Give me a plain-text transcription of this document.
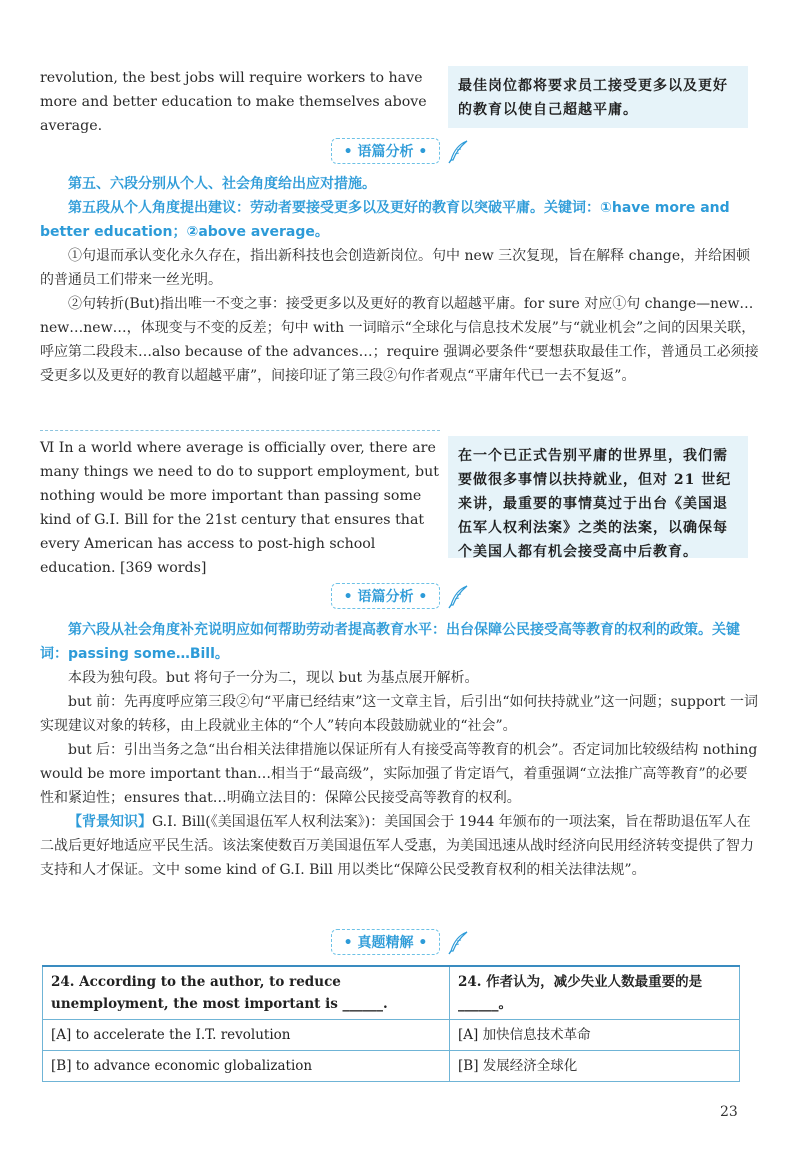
revolution, the best jobs will require workers to have more and better education to make themselves above average.
最佳岗位都将要求员工接受更多以及更好的教育以使自己超越平庸。
• 语篇分析 •

第五、六段分别从个人、社会角度给出应对措施。

第五段从个人角度提出建议：劳动者要接受更多以及更好的教育以突破平庸。关键词：①have more and better education；②above average。

①句退而承认变化永久存在，指出新科技也会创造新岗位。句中 new 三次复现，旨在解释 change，并给困顿的普通员工们带来一丝光明。

②句转折(But)指出唯一不变之事：接受更多以及更好的教育以超越平庸。for sure 对应①句 change—new…new…new…，体现变与不变的反差；句中 with 一词暗示“全球化与信息技术发展”与“就业机会”之间的因果关联，呼应第二段段末…also because of the advances…；require 强调必要条件“要想获取最佳工作，普通员工必须接受更多以及更好的教育以超越平庸”，间接印证了第三段②句作者观点“平庸年代已一去不复返”。

Ⅵ In a world where average is officially over, there are many things we need to do to support employment, but nothing would be more important than passing some kind of G.I. Bill for the 21st century that ensures that every American has access to post-high school education. [369 words]
在一个已正式告别平庸的世界里，我们需要做很多事情以扶持就业，但对 21 世纪来讲，最重要的事情莫过于出台《美国退伍军人权利法案》之类的法案，以确保每个美国人都有机会接受高中后教育。
• 语篇分析 •

第六段从社会角度补充说明应如何帮助劳动者提高教育水平：出台保障公民接受高等教育的权利的政策。关键词：passing some…Bill。

本段为独句段。but 将句子一分为二，现以 but 为基点展开解析。

but 前：先再度呼应第三段②句“平庸已经结束”这一文章主旨，后引出“如何扶持就业”这一问题；support 一词实现建议对象的转移，由上段就业主体的“个人”转向本段鼓励就业的“社会”。

but 后：引出当务之急“出台相关法律措施以保证所有人有接受高等教育的机会”。否定词加比较级结构 nothing would be more important than…相当于“最高级”，实际加强了肯定语气，着重强调“立法推广高等教育”的必要性和紧迫性；ensures that…明确立法目的：保障公民接受高等教育的权利。

【背景知识】G.I. Bill(《美国退伍军人权利法案》)：美国国会于 1944 年颁布的一项法案，旨在帮助退伍军人在二战后更好地适应平民生活。该法案使数百万美国退伍军人受惠，为美国迅速从战时经济向民用经济转变提供了智力支持和人才保证。文中 some kind of G.I. Bill 用以类比“保障公民受教育权利的相关法律法规”。

• 真题精解 •
24. According to the author, to reduce unemployment, the most important is ______.	24. 作者认为，减少失业人数最重要的是______。
[A] to accelerate the I.T. revolution	[A] 加快信息技术革命
[B] to advance economic globalization	[B] 发展经济全球化
23
